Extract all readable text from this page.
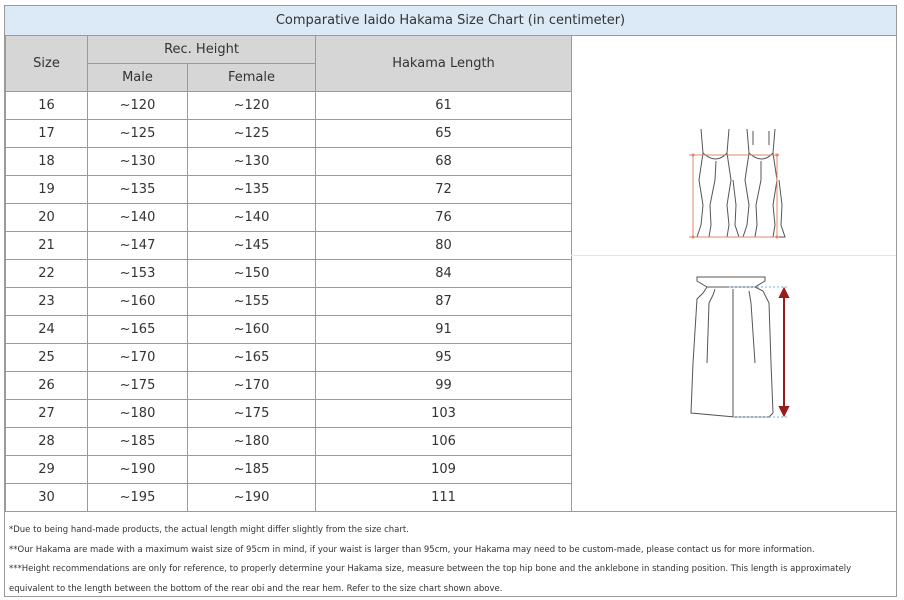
Comparative Iaido Hakama Size Chart (in centimeter)
Size	Rec. Height		Hakama Length
	Male	Female	
16	~120	~120	61
17	~125	~125	65
18	~130	~130	68
19	~135	~135	72
20	~140	~140	76
21	~147	~145	80
22	~153	~150	84
23	~160	~155	87
24	~165	~160	91
25	~170	~165	95
26	~175	~170	99
27	~180	~175	103
28	~185	~180	106
29	~190	~185	109
30	~195	~190	111
*Due to being hand-made products, the actual length might differ slightly from the size chart.
**Our Hakama are made with a maximum waist size of 95cm in mind, if your waist is larger than 95cm, your Hakama may need to be custom-made, please contact us for more information.
***Height recommendations are only for reference, to properly determine your Hakama size, measure between the top hip bone and the anklebone in standing position. This length is approximately equivalent to the length between the bottom of the rear obi and the rear hem. Refer to the size chart shown above.
